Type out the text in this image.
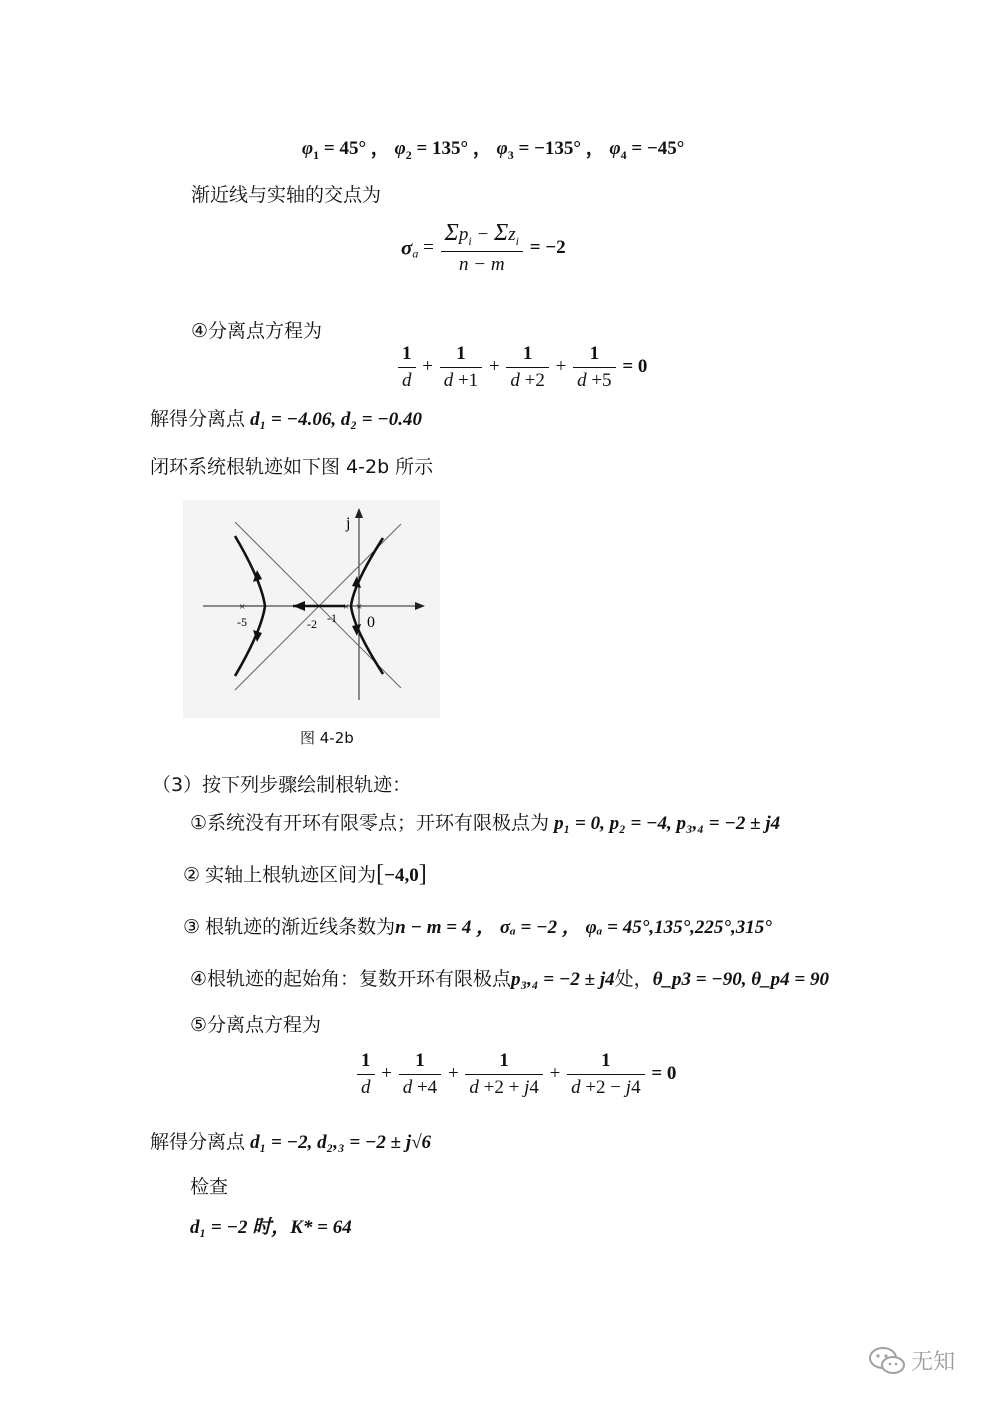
$\varphi_1 = 45^\circ$ ， $\varphi_2 = 135^\circ$ ， $\varphi_3 = -135^\circ$ ， $\varphi_4 = -45^\circ$
渐近线与实轴的交点为
$\sigma_a = \frac{\Sigma p_i - \Sigma z_i}{n - m} = -2$
④分离点方程为
$\frac{1}{d} + \frac{1}{d +1} + \frac{1}{d +2} + \frac{1}{d +5} = 0$
解得分离点 d₁ = −4.06, d₂ = −0.40
闭环系统根轨迹如下图 4-2b 所示
j
×	× ×
-5	-2 -1 0
图 4-2b
（3）按下列步骤绘制根轨迹：
①系统没有开环有限零点；开环有限极点为 p₁ = 0, p₂ = −4, p₃,₄ = −2 ± j4
② 实轴上根轨迹区间为[−4,0]
③ 根轨迹的渐近线条数为n − m = 4 ， σₐ = −2 ， φₐ = 45°,135°,225°,315°
④根轨迹的起始角：复数开环有限极点p₃,₄ = −2 ± j4处，θ_p3 = −90, θ_p4 = 90
⑤分离点方程为
$\frac{1}{d} + \frac{1}{d +4} + \frac{1}{d +2 + j4} + \frac{1}{d +2 - j4} = 0$
解得分离点 d₁ = −2, d₂,₃ = −2 ± j√6
检查
d₁ = −2 时，K* = 64
无知
